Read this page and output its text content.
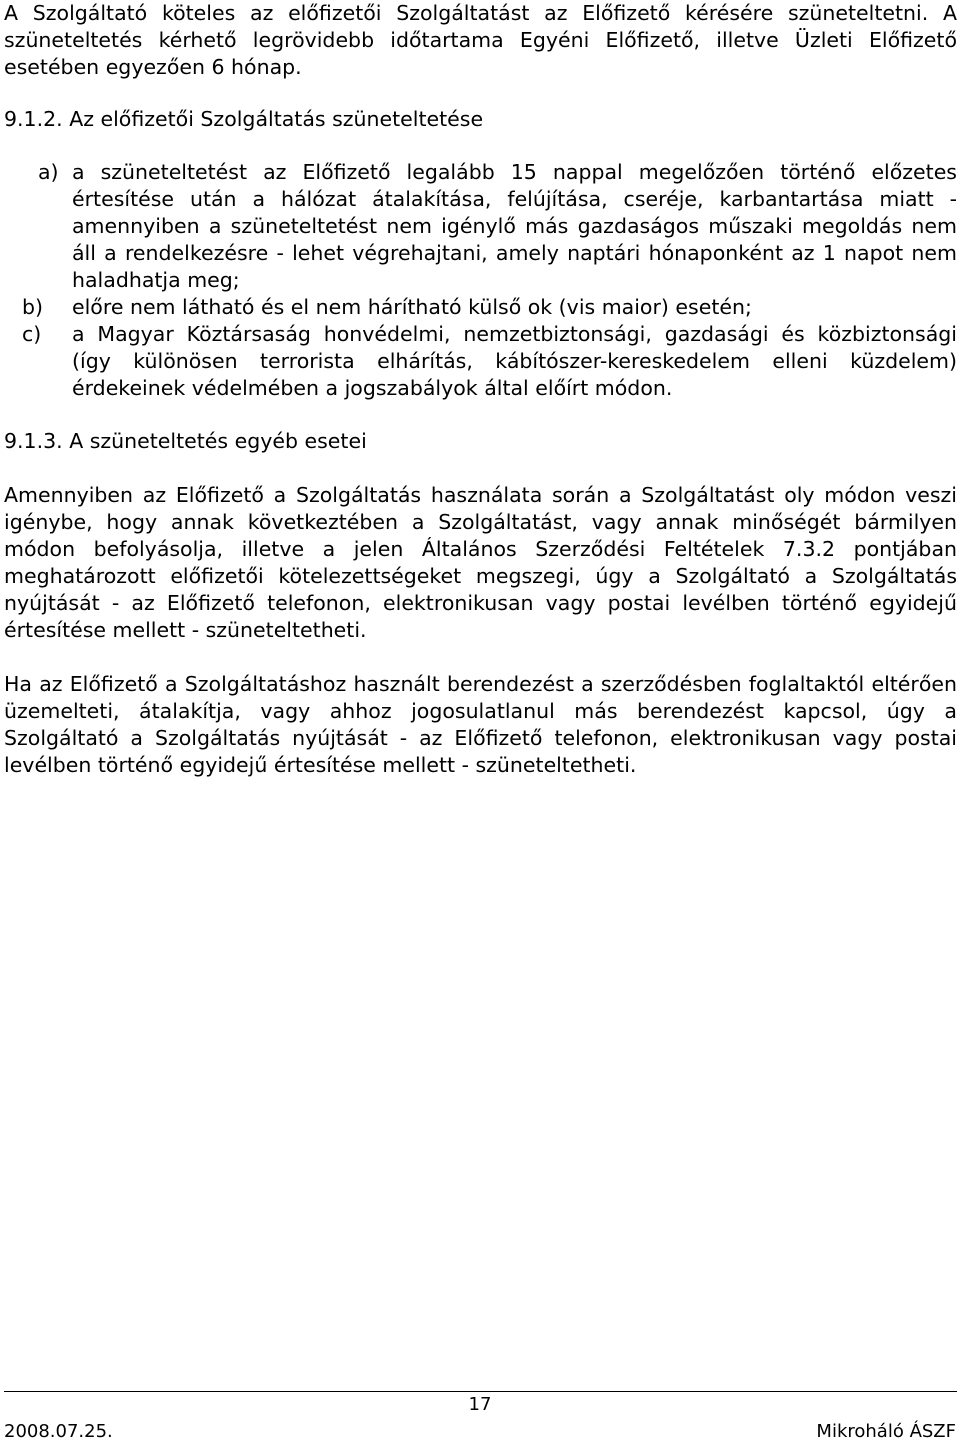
A Szolgáltató köteles az előfizetői Szolgáltatást az Előfizető kérésére szüneteltetni. A szüneteltetés kérhető legrövidebb időtartama Egyéni Előfizető, illetve Üzleti Előfizető esetében egyezően 6 hónap.

9.1.2. Az előfizetői Szolgáltatás szüneteltetése

a) a szüneteltetést az Előfizető legalább 15 nappal megelőzően történő előzetes értesítése után a hálózat átalakítása, felújítása, cseréje, karbantartása miatt - amennyiben a szüneteltetést nem igénylő más gazdaságos műszaki megoldás nem áll a rendelkezésre - lehet végrehajtani, amely naptári hónaponként az 1 napot nem haladhatja meg;
b)	előre nem látható és el nem hárítható külső ok (vis maior) esetén;
c)	a Magyar Köztársaság honvédelmi, nemzetbiztonsági, gazdasági és közbiztonsági (így különösen terrorista elhárítás, kábítószer-kereskedelem elleni küzdelem) érdekeinek védelmében a jogszabályok által előírt módon.

9.1.3. A szüneteltetés egyéb esetei

Amennyiben az Előfizető a Szolgáltatás használata során a Szolgáltatást oly módon veszi igénybe, hogy annak következtében a Szolgáltatást, vagy annak minőségét bármilyen módon befolyásolja, illetve a jelen Általános Szerződési Feltételek 7.3.2 pontjában meghatározott előfizetői kötelezettségeket megszegi, úgy a Szolgáltató a Szolgáltatás nyújtását - az Előfizető telefonon, elektronikusan vagy postai levélben történő egyidejű értesítése mellett - szüneteltetheti.

Ha az Előfizető a Szolgáltatáshoz használt berendezést a szerződésben foglaltaktól eltérően üzemelteti, átalakítja, vagy ahhoz jogosulatlanul más berendezést kapcsol, úgy a Szolgáltató a Szolgáltatás nyújtását - az Előfizető telefonon, elektronikusan vagy postai levélben történő egyidejű értesítése mellett - szüneteltetheti.

17
2008.07.25.	Mikroháló ÁSZF
